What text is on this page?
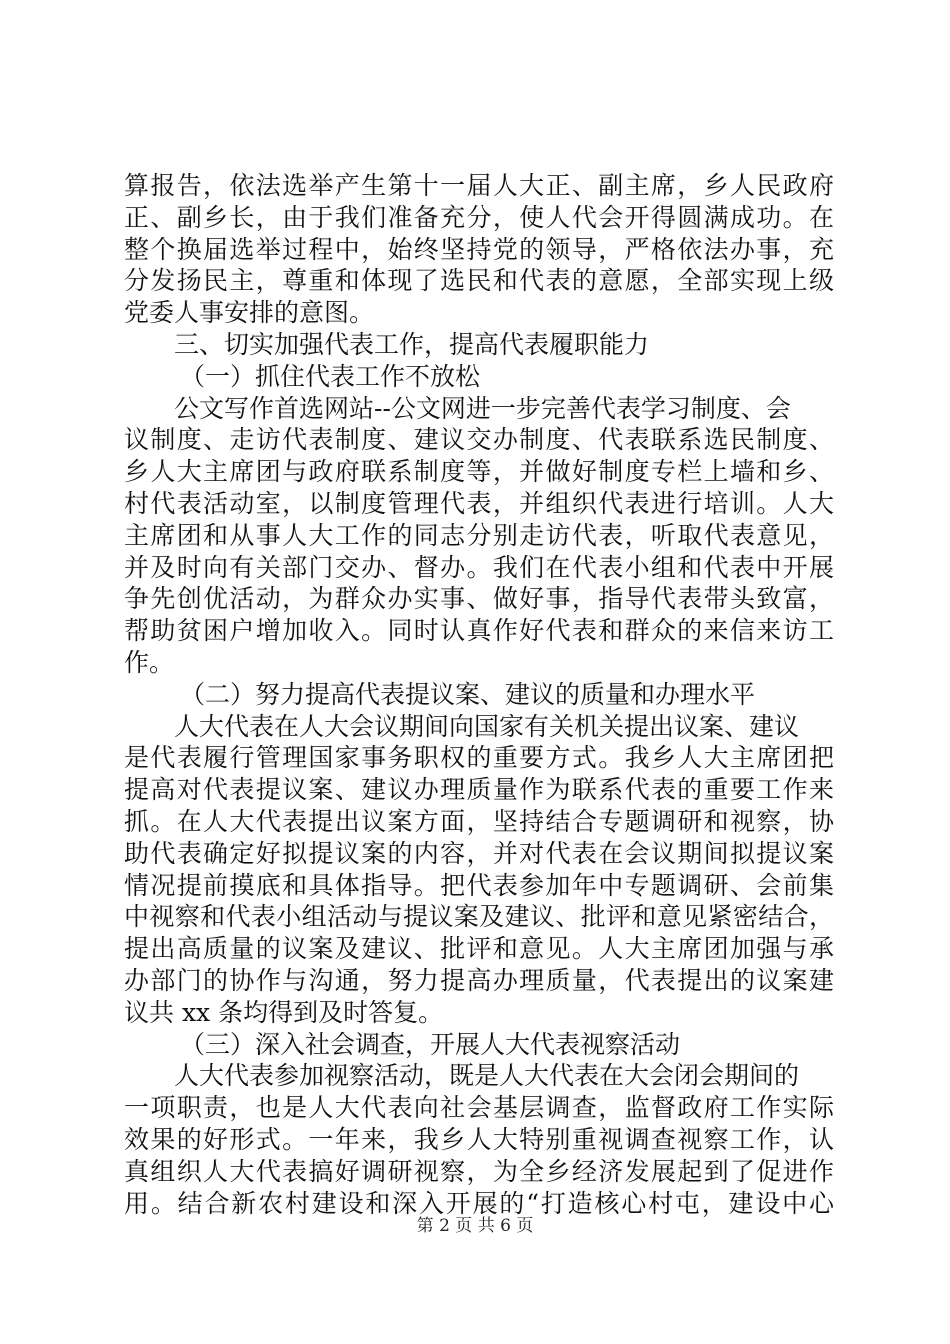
算报告，依法选举产生第十一届人大正、副主席，乡人民政府
正、副乡长，由于我们准备充分，使人代会开得圆满成功。在
整个换届选举过程中，始终坚持党的领导，严格依法办事，充
分发扬民主，尊重和体现了选民和代表的意愿，全部实现上级
党委人事安排的意图。
三、切实加强代表工作，提高代表履职能力
（一）抓住代表工作不放松
公文写作首选网站--公文网进一步完善代表学习制度、会
议制度、走访代表制度、建议交办制度、代表联系选民制度、
乡人大主席团与政府联系制度等，并做好制度专栏上墙和乡、
村代表活动室，以制度管理代表，并组织代表进行培训。人大
主席团和从事人大工作的同志分别走访代表，听取代表意见，
并及时向有关部门交办、督办。我们在代表小组和代表中开展
争先创优活动，为群众办实事、做好事，指导代表带头致富，
帮助贫困户增加收入。同时认真作好代表和群众的来信来访工
作。
（二）努力提高代表提议案、建议的质量和办理水平
人大代表在人大会议期间向国家有关机关提出议案、建议
是代表履行管理国家事务职权的重要方式。我乡人大主席团把
提高对代表提议案、建议办理质量作为联系代表的重要工作来
抓。在人大代表提出议案方面，坚持结合专题调研和视察，协
助代表确定好拟提议案的内容，并对代表在会议期间拟提议案
情况提前摸底和具体指导。把代表参加年中专题调研、会前集
中视察和代表小组活动与提议案及建议、批评和意见紧密结合，
提出高质量的议案及建议、批评和意见。人大主席团加强与承
办部门的协作与沟通，努力提高办理质量，代表提出的议案建
议共 xx 条均得到及时答复。
（三）深入社会调查，开展人大代表视察活动
人大代表参加视察活动，既是人大代表在大会闭会期间的
一项职责，也是人大代表向社会基层调查，监督政府工作实际
效果的好形式。一年来，我乡人大特别重视调查视察工作，认
真组织人大代表搞好调研视察，为全乡经济发展起到了促进作
用。结合新农村建设和深入开展的“打造核心村屯，建设中心
第 2 页 共 6 页
